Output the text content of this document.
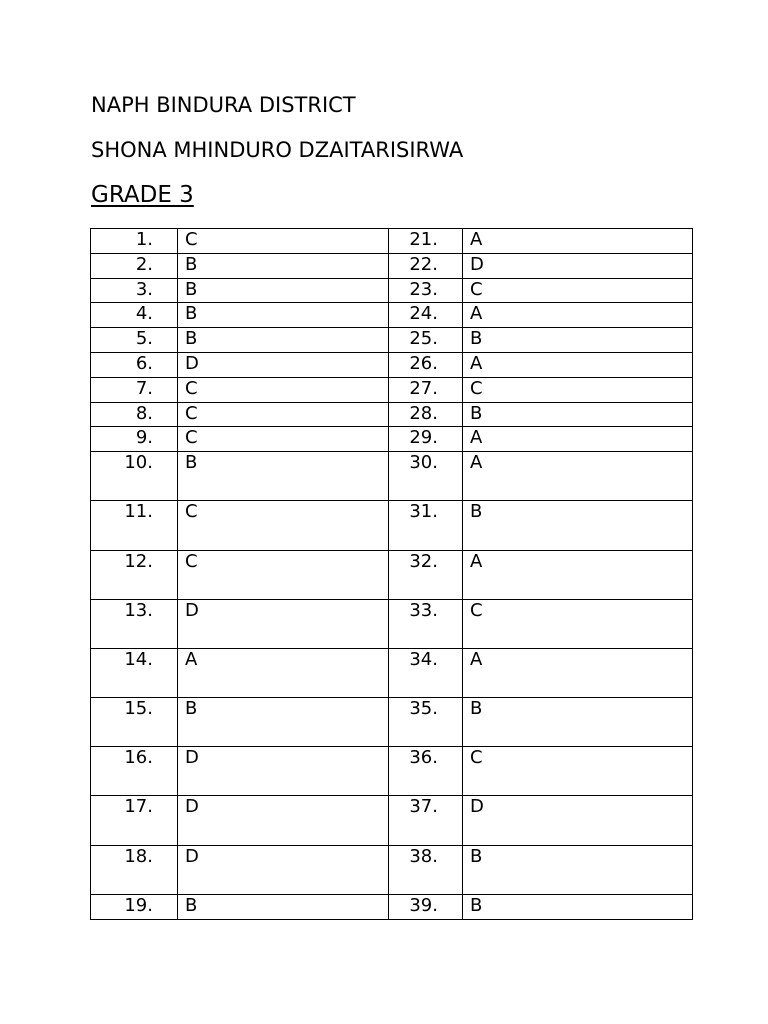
NAPH BINDURA DISTRICT
SHONA MHINDURO DZAITARISIRWA
GRADE 3
1.	C	21.	A
2.	B	22.	D
3.	B	23.	C
4.	B	24.	A
5.	B	25.	B
6.	D	26.	A
7.	C	27.	C
8.	C	28.	B
9.	C	29.	A
10.	B	30.	A
11.	C	31.	B
12.	C	32.	A
13.	D	33.	C
14.	A	34.	A
15.	B	35.	B
16.	D	36.	C
17.	D	37.	D
18.	D	38.	B
19.	B	39.	B
